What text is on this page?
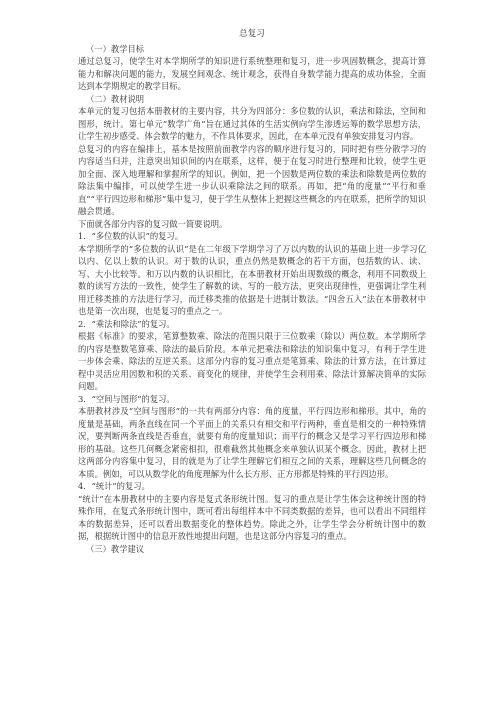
总复习

（一）教学目标

通过总复习，使学生对本学期所学的知识进行系统整理和复习，进一步巩固数概念，提高计算能力和解决问题的能力，发展空间观念、统计观念，获得自身数学能力提高的成功体验，全面达到本学期规定的教学目标。

（二）教材说明

本单元的复习包括本册教材的主要内容，共分为四部分：多位数的认识，乘法和除法，空间和图形，统计。第七单元“数学广角”旨在通过其体的生活实例向学生渗透运筹的数学思想方法，让学生初步感受、体会数学的魅力，不作具体要求，因此，在本单元没有单独安排复习内容。

总复习的内容在编排上，基本是按照前面教学内容的顺序进行复习的，同时把有些分散学习的内容适当归并，注意突出知识间的内在联系，这样，便于在复习时进行整理和比较，使学生更加全面、深入地理解和掌握所学的知识。例如，把一个因数是两位数的乘法和除数是两位数的除法集中编排，可以使学生进一步认识乘除法之间的联系。再如，把“角的度量”“平行和垂直”“平行四边形和梯形”集中复习，便于学生从整体上把握这些概念的内在联系，把所学的知识融会贯通。

下面就各部分内容的复习做一简要说明。

1．“多位数的认识”的复习。

本学期所学的“多位数的认识”是在二年级下学期学习了万以内数的认识的基础上进一步学习亿以内、亿以上数的认识。对于数的认识，重点仍然是数概念的若干方面，包括数的认、读、写、大小比较等。和万以内数的认识相比，在本册教材开始出现数级的概念，利用不同数级上数的读写方法的一致性，使学生了解数的读、写的一般方法，更突出现律性，更强调让学生利用迁移类推的方法进行学习，而迁移类推的依据是十进制计数法。“四舍五入”法在本册教材中也是第一次出现，也是复习的重点之一。

2．“乘法和除法”的复习。

根据《标准》的要求，笔算整数乘、除法的范围只限于三位数乘（除以）两位数。本学期所学的内容是整数笔算乘、除法的最后阶段。本单元把乘法和除法的知识集中复习，有利于学生进一步体会乘、除法的互逆关系。这部分内容的复习重点是笔算乘、除法的计算方法，在计算过程中灵活应用因数和积的关系、商变化的规律，并使学生会利用乘、除法计算解决简单的实际问题。

3．“空间与图形”的复习。

本册教材涉及“空间与图形”的一共有两部分内容：角的度量，平行四边形和梯形。其中，角的度量是基础，两条直线在同一个平面上的关系只有相交和平行两种，垂直是相交的一种特殊情况，要判断两条直线是否垂直，就要有角的度量知识；而平行的概念又是学习平行四边形和梯形的基础。这些几何概念紧密相扣，很难截然其他概念来单独认识某个概念。因此，教材上把这两部分内容集中复习，目的就是为了让学生理解它们相互之间的关系，理解这些几何概念的本质。例如，可以从数学化的角度理解为什么长方形、正方形都是特殊的平行四边形。

4．“统计”的复习。

“统计”在本册教材中的主要内容是复式条形统计图。复习的重点是让学生体会这种统计图的特殊作用，在复式条形统计图中，既可看出每组样本中不同类数据的差异，也可以看出不同组样本的数据差异，还可以看出数据变化的整体趋势。除此之外，让学生学会分析统计图中的数据，根据统计图中的信息开放性地提出问题，也是这部分内容复习的重点。

（三）教学建议
